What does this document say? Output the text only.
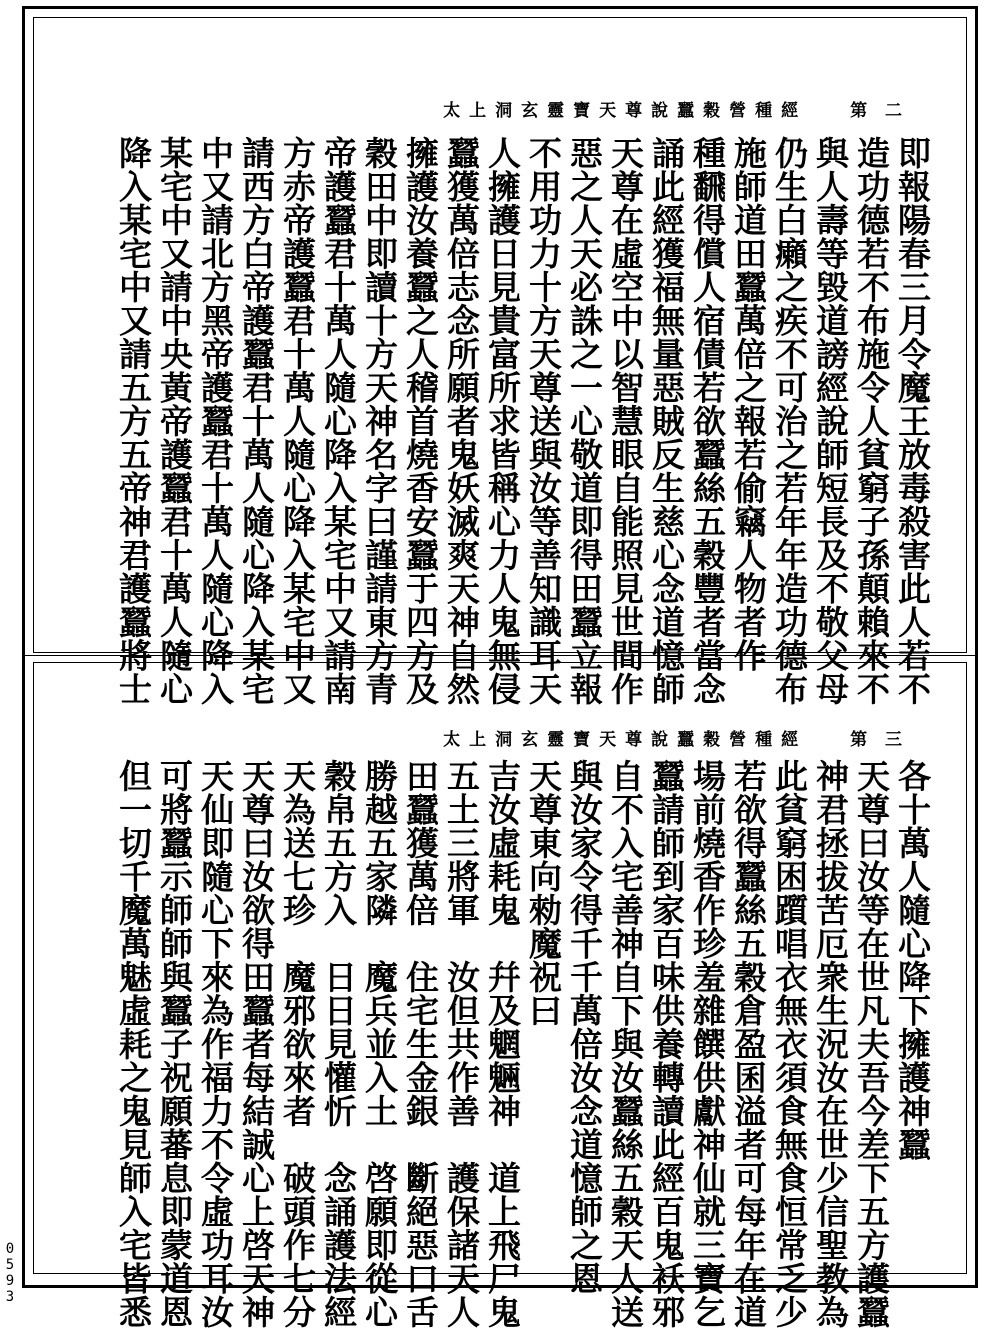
太上洞玄靈寶天尊說蠶穀營種經	第 二
即報陽春三月令魔王放毒殺害此人若不
造功德若不布施令人貧窮子孫顛賴來不
與人壽等毀道謗經說師短長及不敬父母
仍生白癩之疾不可治之若年年造功德布
施師道田蠶萬倍之報若偷竊人物者作
種飜得償人宿債若欲蠶絲五穀豐者當念
誦此經獲福無量惡賊反生慈心念道憶師
天尊在虛空中以智慧眼自能照見世間作
惡之人天必誅之一心敬道即得田蠶立報
不用功力十方天尊送與汝等善知識耳天
人擁護日見貴富所求皆稱心力人鬼無侵
蠶獲萬倍志念所願者鬼妖滅爽天神自然
擁護汝養蠶之人稽首燒香安蠶于四方及
穀田中即讀十方天神名字曰謹請東方青
帝護蠶君十萬人隨心降入某宅中又請南
方赤帝護蠶君十萬人隨心降入某宅中又
請西方白帝護蠶君十萬人隨心降入某宅
中又請北方黑帝護蠶君十萬人隨心降入
某宅中又請中央黃帝護蠶君十萬人隨心
降入某宅中又請五方五帝神君護蠶將士
太上洞玄靈寶天尊說蠶穀營種經	第 三
各十萬人隨心降下擁護神蠶
天尊曰汝等在世凡夫吾今差下五方護蠶
神君拯拔苦厄衆生況汝在世少信聖教為
此貧窮困躓唱衣無衣須食無食恒常乏少
若欲得蠶絲五穀倉盈囷溢者可每年在道
場前燒香作珍羞雜饌供獻神仙就三寶乞
蠶請師到家百味供養轉讀此經百鬼袄邪
自不入宅善神自下與汝蠶絲五穀天人送
與汝家令得千千萬倍汝念道憶師之恩
天尊東向勑魔祝曰
吉汝虛耗鬼　幷及魍魎神　道上飛尸鬼
五土三將軍　汝但共作善　護保諸天人
田蠶獲萬倍　住宅生金銀　斷絕惡口舌
勝越五家隣　魔兵並入土　啓願即從心
穀帛五方入　日日見懽忻　念誦護法經
天為送七珍　魔邪欲來者　破頭作七分
天尊曰汝欲得田蠶者每結誠心上啓天神
天仙即隨心下來為作福力不令虛功耳汝
可將蠶示師師與蠶子祝願蕃息即蒙道恩
但一切千魔萬魅虛耗之鬼見師入宅皆悉
0593
